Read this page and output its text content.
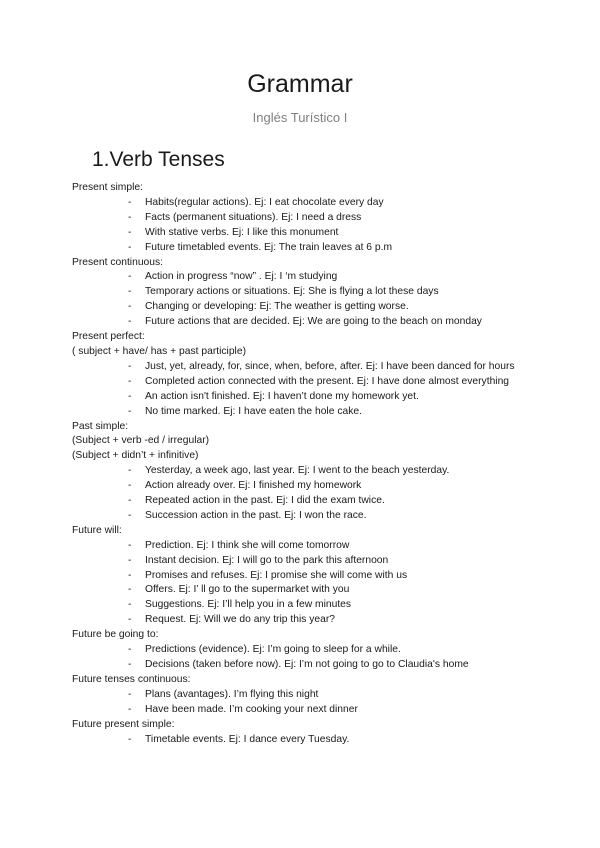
Grammar
Inglés Turístico I
1.Verb Tenses
Present simple:
- Habits(regular actions). Ej: I eat chocolate every day
- Facts (permanent situations). Ej: I need a dress
- With stative verbs. Ej: I like this monument
- Future timetabled events. Ej: The train leaves at 6 p.m
Present continuous:
- Action in progress “now” . Ej: I ‘m studying
- Temporary actions or situations. Ej: She is flying a lot these days
- Changing or developing: Ej: The weather is getting worse.
- Future actions that are decided. Ej: We are going to the beach on monday
Present perfect:
( subject + have/ has + past participle)
- Just, yet, already, for, since, when, before, after. Ej: I have been danced for hours
- Completed action connected with the present. Ej: I have done almost everything
- An action isn't finished. Ej: I haven’t done my homework yet.
- No time marked. Ej: I have eaten the hole cake.
Past simple:
(Subject + verb -ed / irregular)
(Subject + didn’t + infinitive)
- Yesterday, a week ago, last year. Ej: I went to the beach yesterday.
- Action already over. Ej: I finished my homework
- Repeated action in the past. Ej: I did the exam twice.
- Succession action in the past. Ej: I won the race.
Future will:
- Prediction. Ej: I think she will come tomorrow
- Instant decision. Ej: I will go to the park this afternoon
- Promises and refuses. Ej: I promise she will come with us
- Offers. Ej: I’ ll go to the supermarket with you
- Suggestions. Ej: I’ll help you in a few minutes
- Request. Ej: Will we do any trip this year?
Future be going to:
- Predictions (evidence). Ej: I’m going to sleep for a while.
- Decisions (taken before now). Ej: I’m not going to go to Claudia's home
Future tenses continuous:
- Plans (avantages). I’m flying this night
- Have been made. I’m cooking your next dinner
Future present simple:
- Timetable events. Ej: I dance every Tuesday.
